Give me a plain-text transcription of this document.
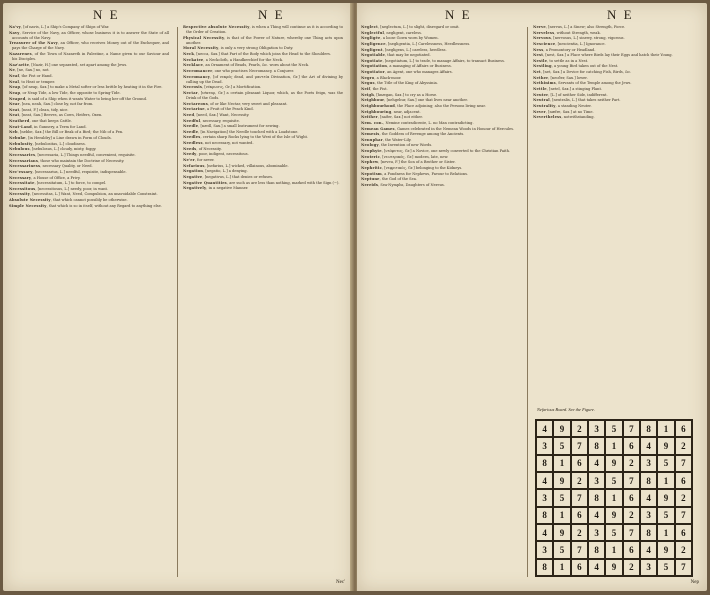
N E	N E

Na'vy, [of navis, L.] a Ship's Company of Ships of War.

Navy, Service of the Navy, an Officer, whose business it is to answer the State of all accounts of the Navy.

Treasurer of the Navy, an Officer, who receives Money out of the Exchequer, and pays the Charge of the Navy.

Nazarenes, of the Town of Nazareth in Palestine, a Name given to our Saviour and his Disciples.

Naz'arite, [Nazir, H.] one separated, set apart among the Jews.

Ne, [ne, Sax.] no, not.

Neaf, the Fist or Hand.

Neal, to Heat or temper.

Neap, [of neap, Sax.] to make a Metal softer or less brittle by heating it in the Fire.

Neap, or Neap Tide, a low Tide, the opposite to Spring-Tide.

Neaped, is said of a Ship when it wants Water to bring her off the Ground.

Near, [nea, neah, Sax.] close by, not far from.

Neat, [neat, F.] clean, tidy, nice.

Neat, [neat, Sax.] Beeves, as Cows, Heifers, Oxen.

Neatherd, one that keeps Cattle.

Neat-Land, in Gunnery, a Term for Land.

Neb, [nebbe, Sax.] the Bill or Beak of a Bird; the Nib of a Pen.

Nebulæ, [in Heraldry] a Line drawn in Form of Clouds.

Nebulosity, [nebulositas, L.] cloudiness.

Nebulous, [nebulosus, L.] cloudy, misty, foggy.

Necessaries, [necessaria, L.] Things needful, convenient, requisite.

Necessarians, those who maintain the Doctrine of Necessity.

Necessariness, necessary Quality, or Need.

Nec'essary, [necessarius, L.] needful, requisite, indispensable.

Necessary, a House of Office, a Privy.

Necessitate, [necessitatum, L.] to force, to compel.

Necessitous, [necessitosus, L.] needy, poor, in want.

Necessity, [necessitas, L.] Want, Need, Compulsion, an unavoidable Constraint.

Absolute Necessity, that which cannot possibly be otherwise.

Simple Necessity, that which is so in itself, without any Regard to anything else.

Respective absolute Necessity, is when a Thing will continue as it is according to the Order of Creation.

Physical Necessity, is that of the Power of Nature, whereby one Thing acts upon another.

Moral Necessity, is only a very strong Obligation to Duty.

Neck, [necca, Sax.] that Part of the Body which joins the Head to the Shoulders.

Neckatee, a Neckcloth, a Handkerchief for the Neck.

Necklace, an Ornament of Beads, Pearls, &c. worn about the Neck.

Necromancer, one who practises Necromancy, a Conjurer.

Necromancy, [of νεκρός dead, and μαντεία Divination, Gr.] the Art of divining by calling up the Dead.

Necrosis, [νέκρωσις, Gr.] a Mortification.

Nectar, [νέκταρ, Gr.] a certain pleasant Liquor, which, as the Poets feign, was the Drink of the Gods.

Nectareous, of or like Nectar, very sweet and pleasant.

Nectarine, a Fruit of the Peach Kind.

Need, [need, Sax.] Want, Necessity.

Needful, necessary, requisite.

Needle, [nædl, Sax.] a small Instrument for sewing.

Needle, [in Navigation] the Needle touched with a Loadstone.

Needles, certain sharp Rocks lying to the West of the Isle of Wight.

Needless, not necessary, not wanted.

Needs, of Necessity.

Needy, poor, indigent, necessitous.

Ne'er, for never.

Nefarious, [nefarius, L.] wicked, villainous, abominable.

Negation, [negatio, L.] a denying.

Negative, [negativus, L.] that denies or refuses.

Negative Quantities, are such as are less than nothing, marked with the Sign (−).

Negatively, in a negative Manner.

Nec'
N E	N E

Neglect, [neglectum, L.] to slight, disregard or omit.

Neglectful, negligent, careless.

Negligée, a loose Gown worn by Women.

Negligence, [negligentia, L.] Carelessness, Heedlessness.

Negligent, [negligens, L.] careless, heedless.

Negotiable, that may be negotiated.

Negotiate, [negotiatum, L.] to trade, to manage Affairs, to transact Business.

Negotiation, a managing of Affairs or Business.

Negotiator, an Agent, one who manages Affairs.

Negro, a Black-moor.

Negus, the Title of the King of Abyssinia.

Neif, the Fist.

Neigh, [hnægan, Sax.] to cry as a Horse.

Neighbour, [nehgebur, Sax.] one that lives near another.

Neighbourhood, the Place adjoining; also the Persons living near.

Neighbouring, near, adjacent.

Neither, [naðer, Sax.] not either.

Nem. con., Nemine contradicente, L. no Man contradicting.

Nemean Games, Games celebrated in the Nemean Woods in Honour of Hercules.

Nemesis, the Goddess of Revenge among the Ancients.

Nenuphar, the Water-Lily.

Neology, the Invention of new Words.

Neophyte, [νεόφυτος, Gr.] a Novice, one newly converted to the Christian Faith.

Neoteric, [νεωτερικός, Gr.] modern, late, new.

Nephew, [neveu, F.] the Son of a Brother or Sister.

Nephritic, [νεφριτικός, Gr.] belonging to the Kidneys.

Nepotism, a Fondness for Nephews, Favour to Relations.

Neptune, the God of the Sea.

Nereids, Sea-Nymphs, Daughters of Nereus.

Nerve, [nervus, L.] a Sinew; also Strength, Force.

Nerveless, without Strength, weak.

Nervous, [nervosus, L.] sinewy, strong, vigorous.

Nescience, [nescientia, L.] Ignorance.

Ness, a Promontory or Headland.

Nest, [nest, Sax.] a Place where Birds lay their Eggs and hatch their Young.

Nestle, to settle as in a Nest.

Nestling, a young Bird taken out of the Nest.

Net, [net, Sax.] a Device for catching Fish, Birds, &c.

Nether, [neoðer, Sax.] lower.

Nethinims, Servants of the Temple among the Jews.

Nettle, [netel, Sax.] a stinging Plant.

Neuter, [L.] of neither Side, indifferent.

Neutral, [neutralis, L.] that takes neither Part.

Neutrality, a standing Neuter.

Never, [næfre, Sax.] at no Time.

Nevertheless, notwithstanding.

Nefarious Board. See the Figure.
4	9	2	3	5	7	8	1	6
3	5	7	8	1	6	4	9	2
8	1	6	4	9	2	3	5	7
4	9	2	3	5	7	8	1	6
3	5	7	8	1	6	4	9	2
8	1	6	4	9	2	3	5	7
4	9	2	3	5	7	8	1	6
3	5	7	8	1	6	4	9	2
8	1	6	4	9	2	3	5	7
Nep
